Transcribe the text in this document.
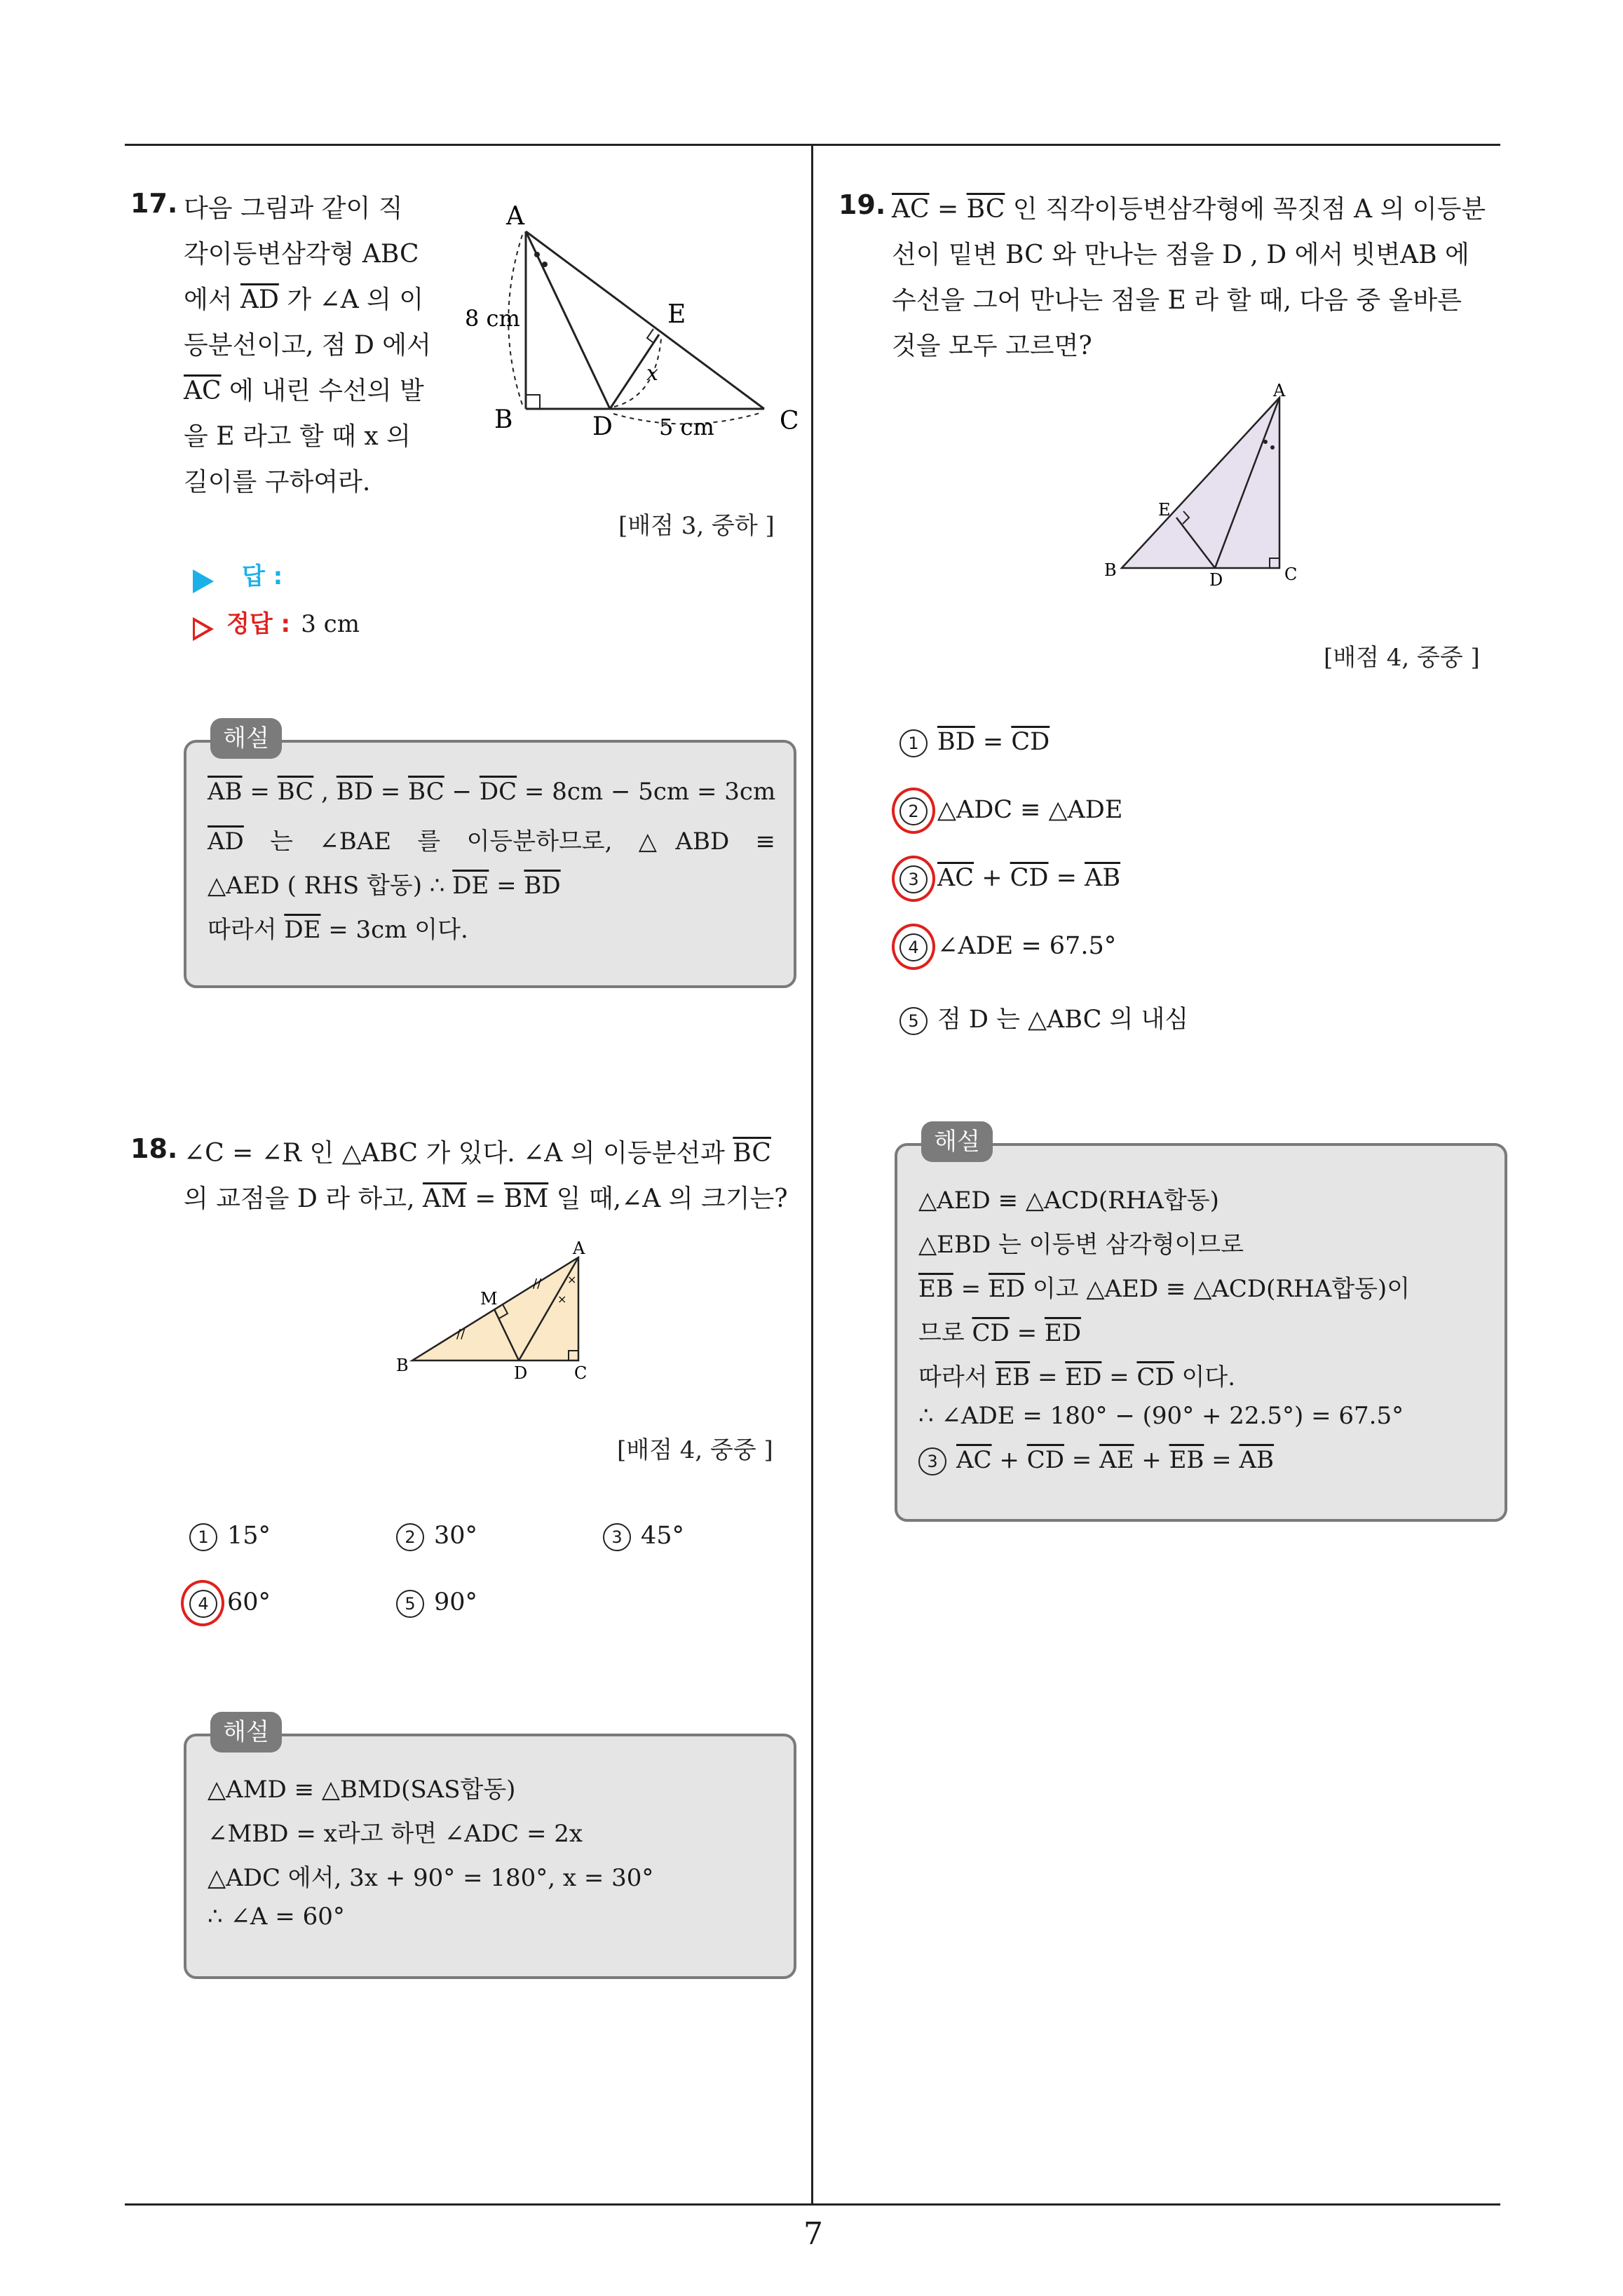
7
17. 다음 그림과 같이 직
각이등변삼각형 ABC
에서 $\overline{AD}$ 가 ∠A 의 이
등분선이고, 점 D 에서
$\overline{AC}$ 에 내린 수선의 발
을 E 라고 할 때 x 의
길이를 구하여라.
A
B	D	C
E
x
8 cm
5 cm
[배점 3, 중하 ]
답 :
정답 : 3 cm
$\overline{AB} = \overline{BC}$ , $\overline{BD} = \overline{BC} - \overline{DC} = 8cm - 5cm = 3cm$
$\overline{AD}$ 는 ∠BAE 를 이등분하므로, △ABD ≡
△AED ( RHS 합동) ∴ $\overline{DE} = \overline{BD}$
따라서 $\overline{DE} = 3cm$ 이다.
해설
18. ∠C = ∠R 인 △ABC 가 있다. ∠A 의 이등분선과 $\overline{BC}$
의 교점을 D 라 하고, $\overline{AM} = \overline{BM}$ 일 때,∠A 의 크기는?
//
// ×
×
A
B	C
D
M
[배점 4, 중중 ]
1 15°	2 30°	3 45°
4 60°	5 90°
△AMD ≡ △BMD(SAS합동)
∠MBD = x라고 하면 ∠ADC = 2x
△ADC 에서, 3x + 90° = 180°, x = 30°
∴ ∠A = 60°
해설
19. $\overline{AC} = \overline{BC}$ 인 직각이등변삼각형에 꼭짓점 A 의 이등분
선이 밑변 BC 와 만나는 점을 D , D 에서 빗변AB 에
수선을 그어 만나는 점을 E 라 할 때, 다음 중 올바른
것을 모두 고르면?
A
B	C
D
E
[배점 4, 중중 ]
1 $\overline{BD} = \overline{CD}$
2 △ADC ≡ △ADE
3 $\overline{AC} + \overline{CD} = \overline{AB}$
4 ∠ADE = 67.5°
5 점 D 는 △ABC 의 내심
△AED ≡ △ACD(RHA합동)
△EBD 는 이등변 삼각형이므로
$\overline{EB} = \overline{ED}$ 이고 △AED ≡ △ACD(RHA합동)이
므로 $\overline{CD} = \overline{ED}$
따라서 $\overline{EB} = \overline{ED} = \overline{CD}$ 이다.
∴ ∠ADE = 180° − (90° + 22.5°) = 67.5°
3 $\overline{AC} + \overline{CD} = \overline{AE} + \overline{EB} = \overline{AB}$
해설
